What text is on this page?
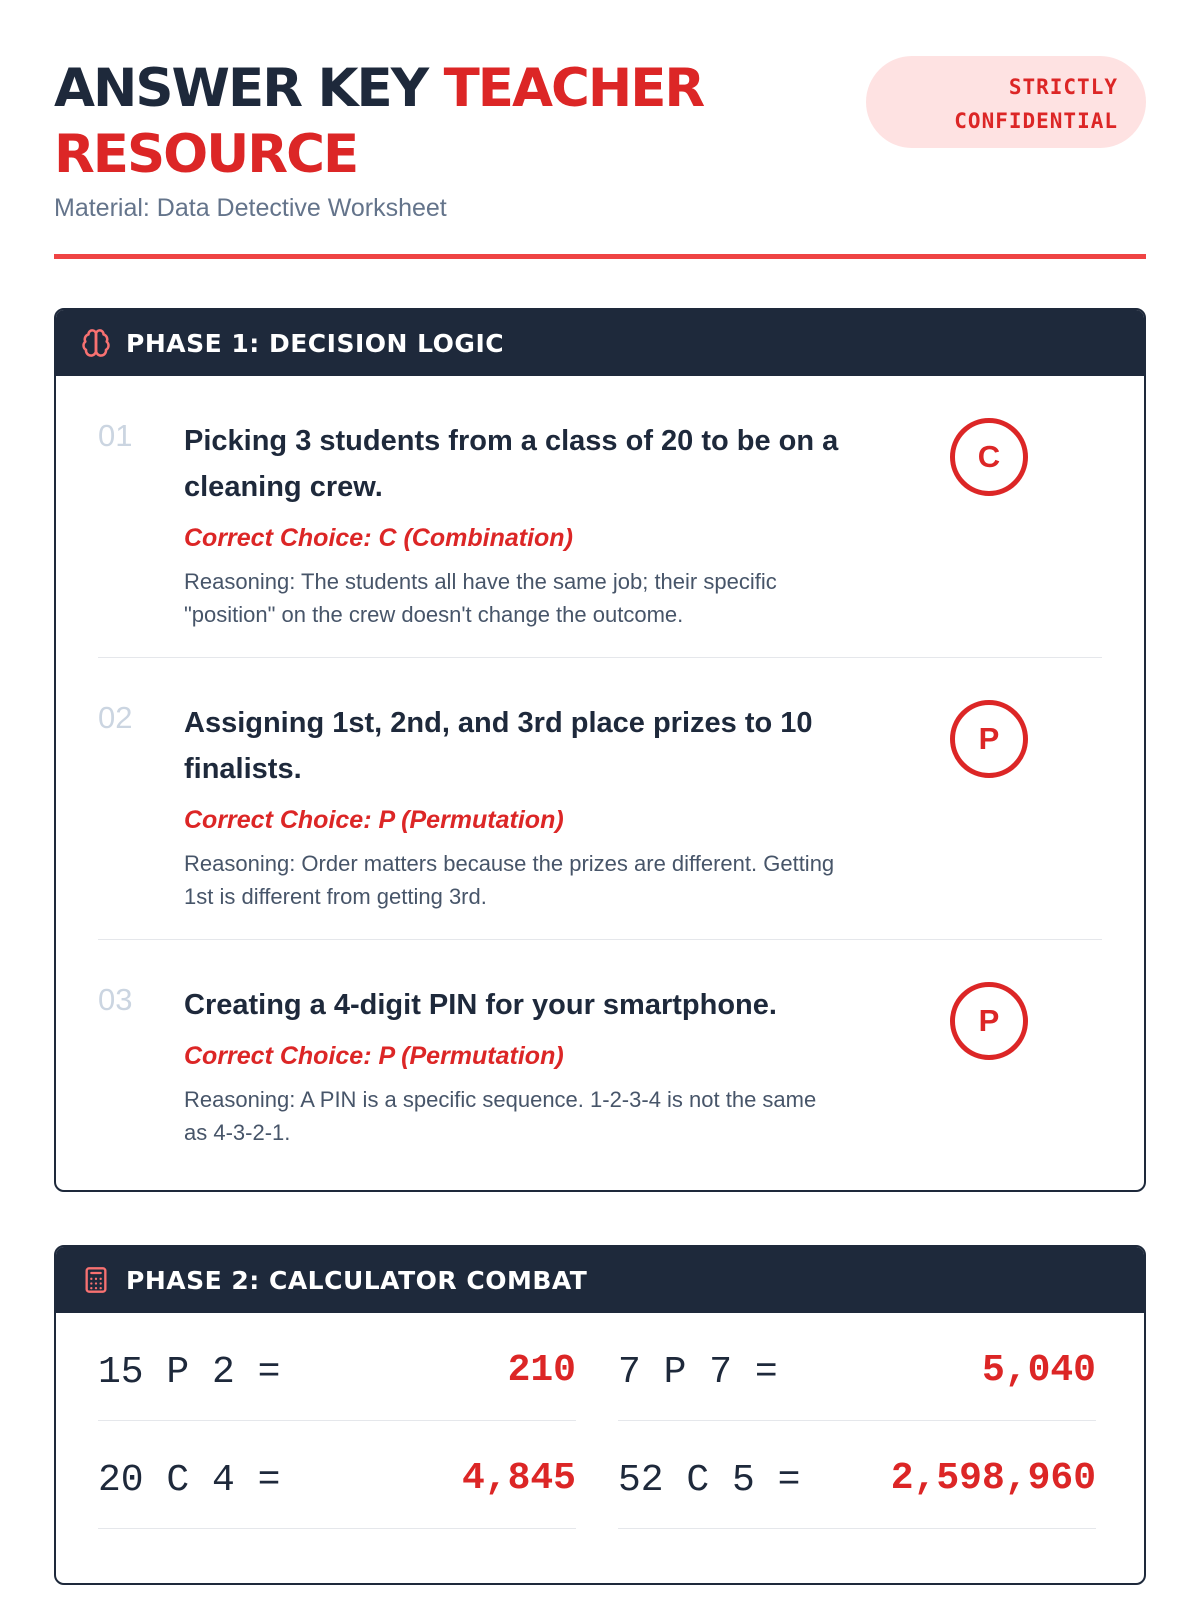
ANSWER KEY TEACHER RESOURCE
Material: Data Detective Worksheet
STRICTLY
CONFIDENTIAL
PHASE 1: DECISION LOGIC
01 Picking 3 students from a class of 20 to be on a cleaning crew.
Correct Choice: C (Combination)
Reasoning: The students all have the same job; their specific "position" on the crew doesn't change the outcome.
C
02 Assigning 1st, 2nd, and 3rd place prizes to 10 finalists.
Correct Choice: P (Permutation)
Reasoning: Order matters because the prizes are different. Getting 1st is different from getting 3rd.
P
03 Creating a 4-digit PIN for your smartphone.
Correct Choice: P (Permutation)
Reasoning: A PIN is a specific sequence. 1-2-3-4 is not the same as 4-3-2-1.
P
PHASE 2: CALCULATOR COMBAT
15 P 2 =	210 7 P 7 =	5,040
20 C 4 =	4,845 52 C 5 = 2,598,960
